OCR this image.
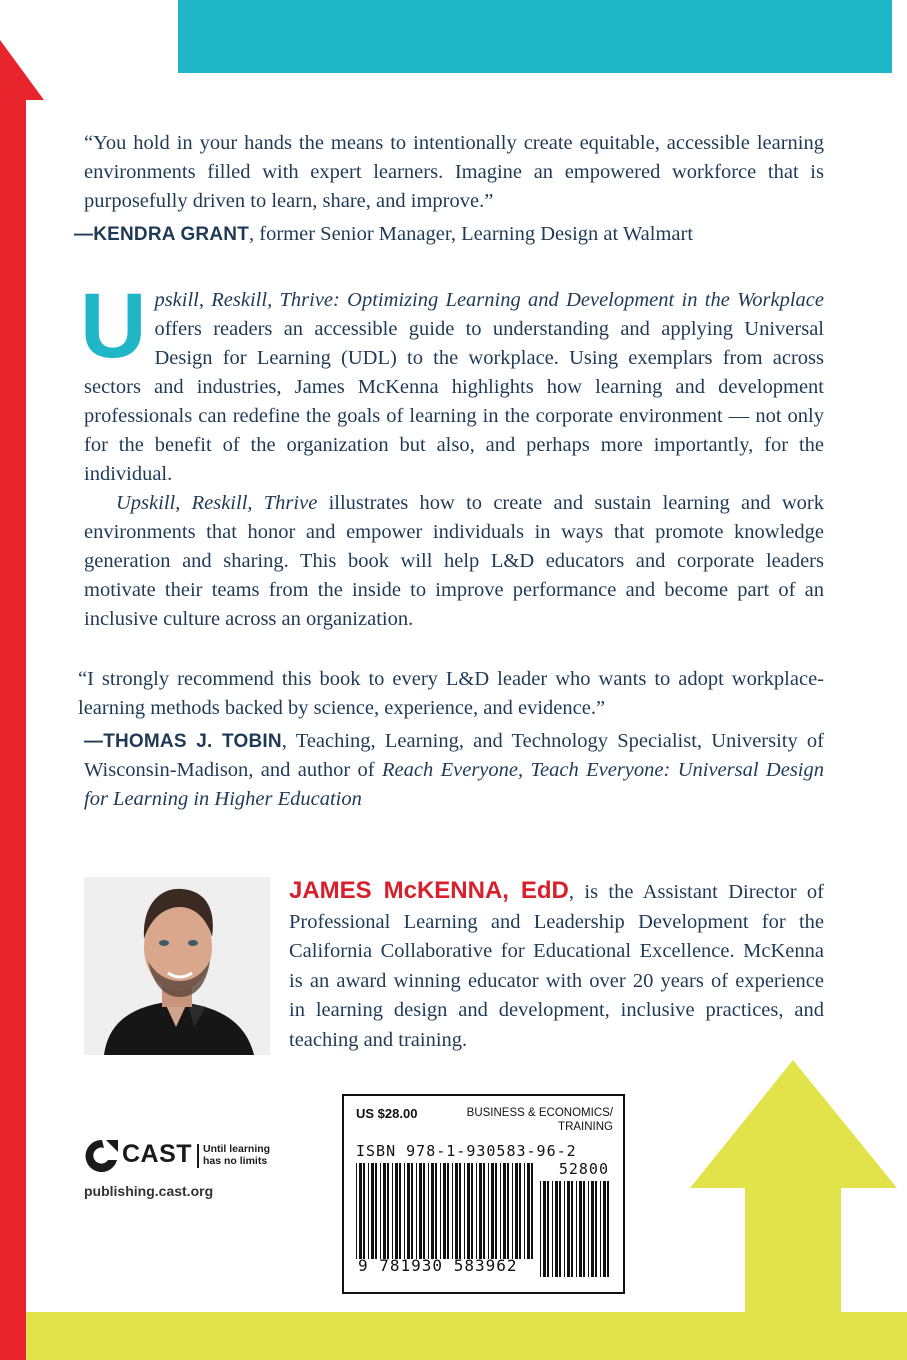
“You hold in your hands the means to intentionally create equitable, accessible learning environments filled with expert learners. Imagine an empowered workforce that is purposefully driven to learn, share, and improve.”
—KENDRA GRANT, former Senior Manager, Learning Design at Walmart

Upskill, Reskill, Thrive: Optimizing Learning and Development in the Workplace offers readers an accessible guide to understanding and applying Universal Design for Learning (UDL) to the workplace. Using exemplars from across sectors and industries, James McKenna highlights how learning and development professionals can redefine the goals of learning in the corporate environment — not only for the benefit of the organization but also, and perhaps more importantly, for the individual.

Upskill, Reskill, Thrive illustrates how to create and sustain learning and work environments that honor and empower individuals in ways that promote knowledge generation and sharing. This book will help L&D educators and corporate leaders motivate their teams from the inside to improve performance and become part of an inclusive culture across an organization.

“I strongly recommend this book to every L&D leader who wants to adopt workplace-learning methods backed by science, experience, and evidence.”
—THOMAS J. TOBIN, Teaching, Learning, and Technology Specialist, University of Wisconsin-Madison, and author of Reach Everyone, Teach Everyone: Universal Design for Learning in Higher Education
JAMES McKENNA, EdD, is the Assistant Director of Professional Learning and Leadership Development for the California Collaborative for Educational Excellence. McKenna is an award winning educator with over 20 years of experience in learning design and development, inclusive practices, and teaching and training.
CAST Until learning has no limits
publishing.cast.org
US $28.00	BUSINESS & ECONOMICS/ TRAINING
ISBN 978-1-930583-96-2
52800
9 781930 583962
